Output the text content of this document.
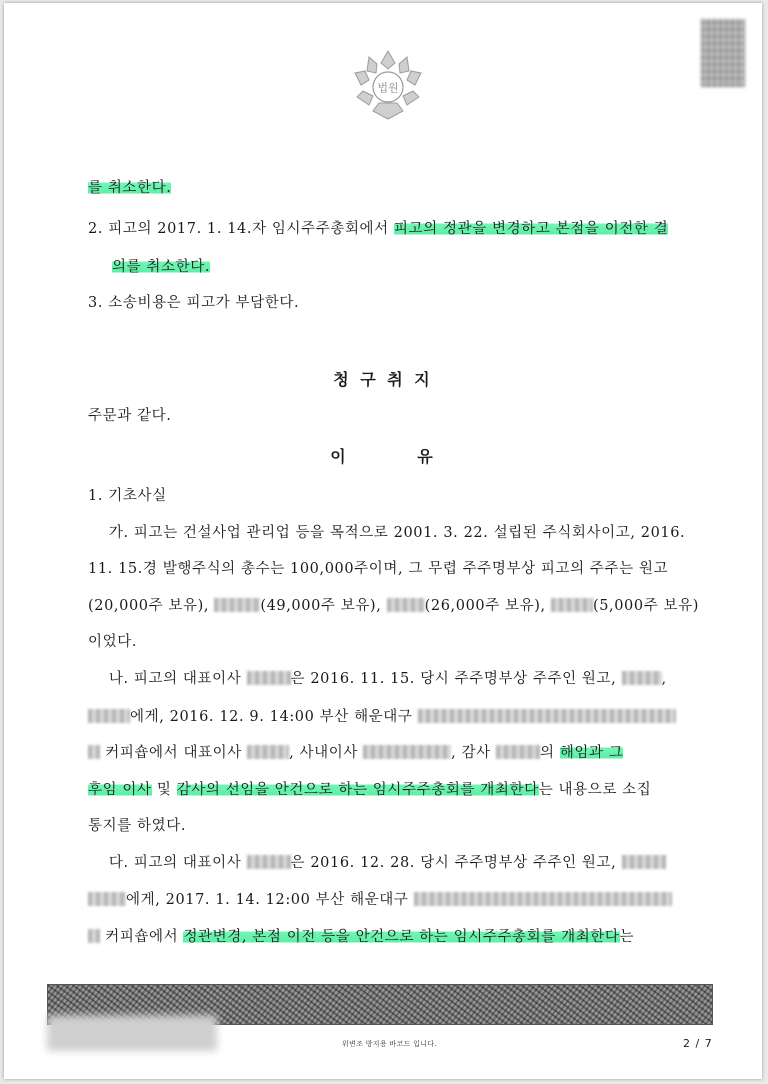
법원
를 취소한다.
2. 피고의 2017. 1. 14.자 임시주주총회에서 피고의 정관을 변경하고 본점을 이전한 결
의를 취소한다.
3. 소송비용은 피고가 부담한다.
주문과 같다.
1. 기초사실
가. 피고는 건설사업 관리업 등을 목적으로 2001. 3. 22. 설립된 주식회사이고, 2016.
11. 15.경 발행주식의 총수는 100,000주이며, 그 무렵 주주명부상 피고의 주주는 원고
(20,000주 보유),	(49,000주 보유),	(26,000주 보유),	(5,000주 보유)
이었다.
나. 피고의 대표이사	은 2016. 11. 15. 당시 주주명부상 주주인 원고,	,
에게, 2016. 12. 9. 14:00 부산 해운대구
커피숍에서 대표이사	, 사내이사	, 감사	의 해임과 그
후임 이사 및 감사의 선임을 안건으로 하는 임시주주총회를 개최한다는 내용으로 소집
통지를 하였다.
다. 피고의 대표이사	은 2016. 12. 28. 당시 주주명부상 주주인 원고,
에게, 2017. 1. 14. 12:00 부산 해운대구
커피숍에서 정관변경, 본점 이전 등을 안건으로 하는 임시주주총회를 개최한다는
청 구 취 지
이        유
위변조 방지용 바코드 입니다.	2 / 7
